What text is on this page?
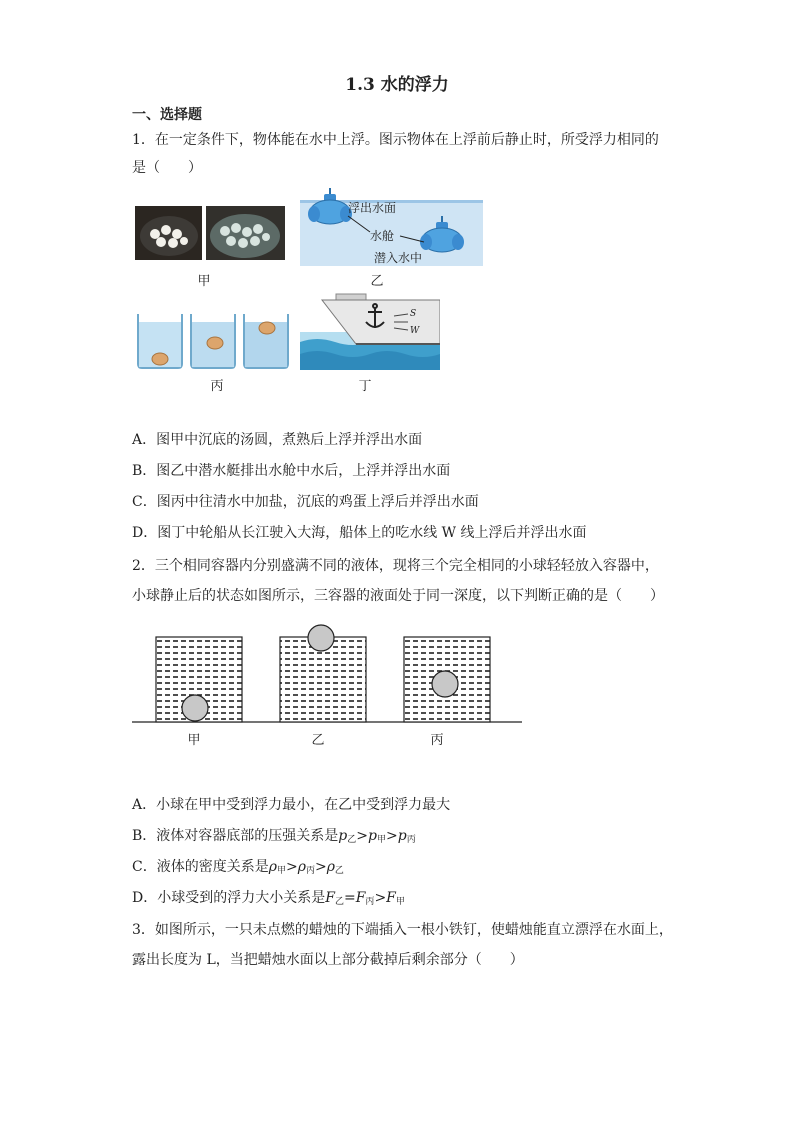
1.3 水的浮力
一、选择题
1．在一定条件下，物体能在水中上浮。图示物体在上浮前后静止时，所受浮力相同的
是（　　）
甲
浮出水面
水舱
潜入水中
乙
丙
S
W
丁
A．图甲中沉底的汤圆，煮熟后上浮并浮出水面
B．图乙中潜水艇排出水舱中水后，上浮并浮出水面
C．图丙中往清水中加盐，沉底的鸡蛋上浮后并浮出水面
D．图丁中轮船从长江驶入大海，船体上的吃水线 W 线上浮后并浮出水面
2．三个相同容器内分别盛满不同的液体，现将三个完全相同的小球轻轻放入容器中，
小球静止后的状态如图所示，三容器的液面处于同一深度，以下判断正确的是（　　）
甲	乙	丙
A．小球在甲中受到浮力最小，在乙中受到浮力最大
B．液体对容器底部的压强关系是$p_乙>p_甲>p_丙$
C．液体的密度关系是$\rho_甲>\rho_丙>\rho_乙$
D．小球受到的浮力大小关系是$F_乙=F_丙>F_甲$
3．如图所示，一只未点燃的蜡烛的下端插入一根小铁钉，使蜡烛能直立漂浮在水面上，
露出长度为 L，当把蜡烛水面以上部分截掉后剩余部分（　　）
